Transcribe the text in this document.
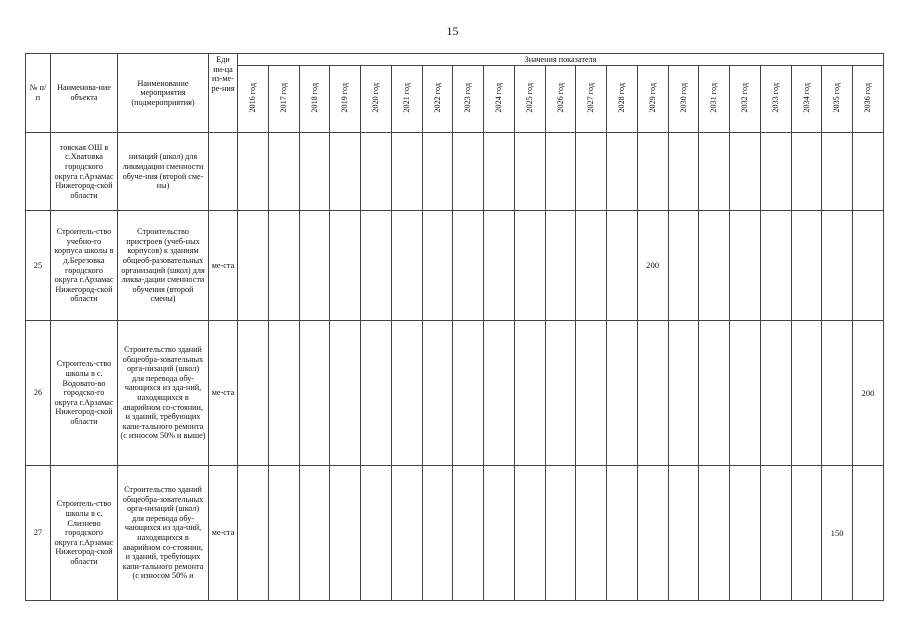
15
№ п/п	Наименова-ние объекта	Наименование мероприятия (подмероприятия)	Еди ни-ца из-ме-ре-ния	Значения показателя																				
				2016 год	2017 год	2018 год	2019 год	2020 год	2021 год	2022 год	2023 год	2024 год	2025 год	2026 год	2027 год	2028 год	2029 год	2030 год	2031 год	2032 год	2033 год	2034 год	2035 год	2036 год

	товская ОШ в с.Хватовка городского округа г.Арзамас Нижегород-ской области	низаций (школ) для ликвидации сменности обуче-ния (второй сме-ны)																						

25	Строитель-ство учебно-го корпуса школы в д.Березовка городского округа г.Арзамас Нижегород-ской области	Строительство пристроев (учеб-ных корпусов) к зданиям общеоб-разовательных организаций (школ) для ликва-дации сменности обучения (второй смены)	ме-ста														200							

26	Строитель-ство школы в с. Водовато-во городско-го округа г.Арзамас Нижегород-ской области	Строительство зданий общеобра-зовательных орга-низаций (школ) для перевода обу-чающихся из зда-ний, находящихся в аварийном со-стоянии, и зданий, требующих капи-тального ремонта (с износом 50% и выше)	ме-ста																					200

27	Строитель-ство школы в с. Слизнево городского округа г.Арзамас Нижегород-ской области	Строительство зданий общеобра-зовательных орга-низаций (школ) для перевода обу-чающихся из зда-ний, находящихся в аварийном со-стоянии, и зданий, требующих капи-тального ремонта (с износом 50% и	ме-ста																				150	
